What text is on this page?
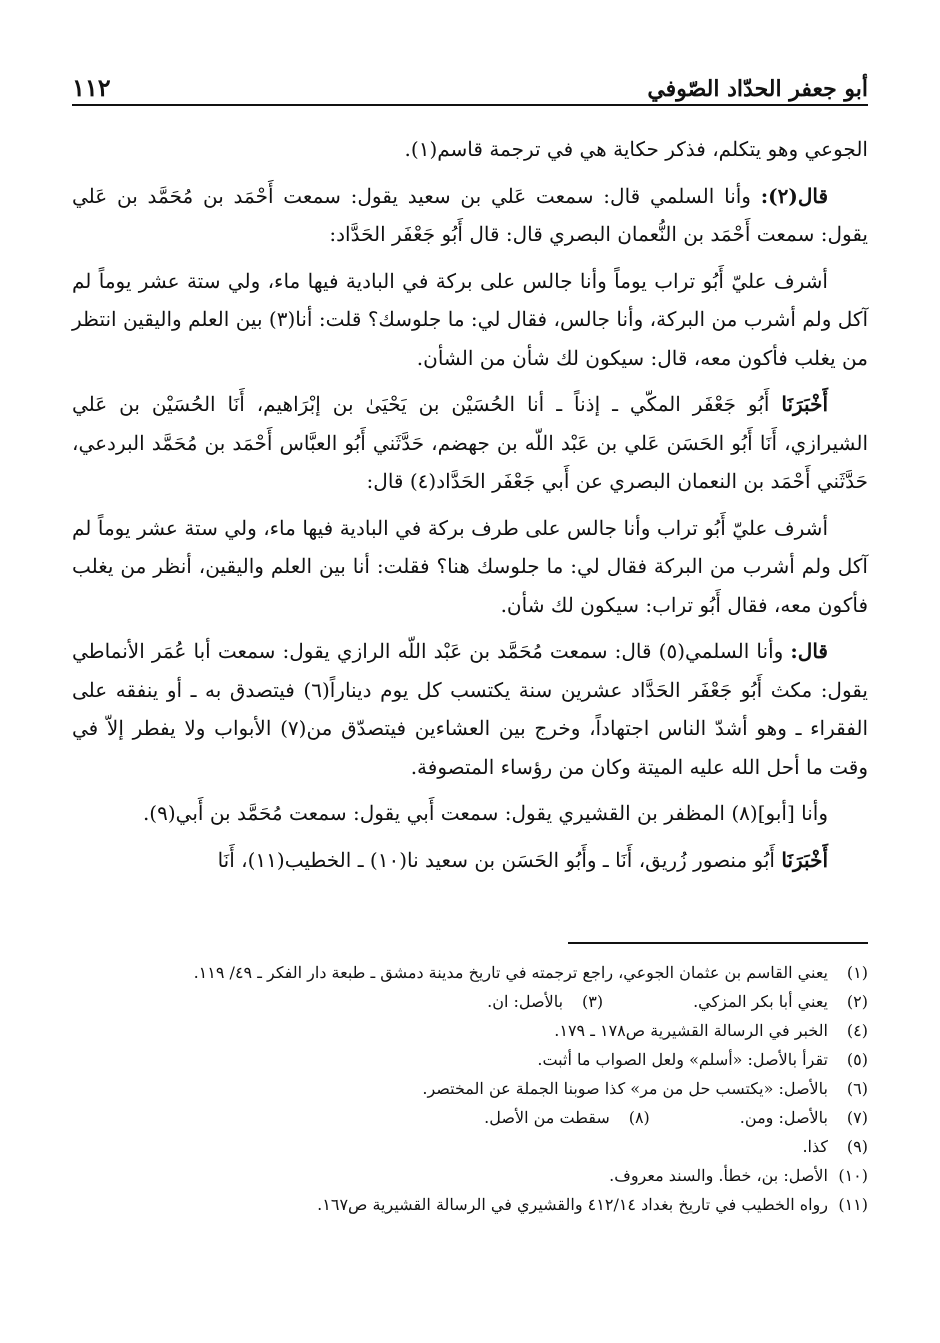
أبو جعفر الحدّاد الصّوفي
١١٢

الجوعي وهو يتكلم، فذكر حكاية هي في ترجمة قاسم(١).

قال(٢): وأنا السلمي قال: سمعت عَلي بن سعيد يقول: سمعت أَحْمَد بن مُحَمَّد بن عَلي يقول: سمعت أَحْمَد بن النُّعمان البصري قال: قال أَبُو جَعْفَر الحَدَّاد:

أشرف عليّ أَبُو تراب يوماً وأنا جالس على بركة في البادية فيها ماء، ولي ستة عشر يوماً لم آكل ولم أشرب من البركة، وأنا جالس، فقال لي: ما جلوسك؟ قلت: أنا(٣) بين العلم واليقين انتظر من يغلب فأكون معه، قال: سيكون لك شأن من الشأن.

أَخْبَرَنَا أَبُو جَعْفَر المكّي ـ إذناً ـ أنا الحُسَيْن بن يَحْيَىٰ بن إبْرَاهيم، أَنَا الحُسَيْن بن عَلي الشيرازي، أَنَا أَبُو الحَسَن عَلي بن عَبْد اللّه بن جهضم، حَدَّثَني أَبُو العبَّاس أَحْمَد بن مُحَمَّد البردعي، حَدَّثَني أَحْمَد بن النعمان البصري عن أَبي جَعْفَر الحَدَّاد(٤) قال:

أشرف عليّ أَبُو تراب وأنا جالس على طرف بركة في البادية فيها ماء، ولي ستة عشر يوماً لم آكل ولم أشرب من البركة فقال لي: ما جلوسك هنا؟ فقلت: أنا بين العلم واليقين، أنظر من يغلب فأكون معه، فقال أَبُو تراب: سيكون لك شأن.

قال: وأنا السلمي(٥) قال: سمعت مُحَمَّد بن عَبْد اللّه الرازي يقول: سمعت أبا عُمَر الأنماطي يقول: مكث أَبُو جَعْفَر الحَدَّاد عشرين سنة يكتسب كل يوم ديناراً(٦) فيتصدق به ـ أو ينفقه على الفقراء ـ وهو أشدّ الناس اجتهاداً، وخرج بين العشاءين فيتصدّق من(٧) الأبواب ولا يفطر إلاّ في وقت ما أحل الله عليه الميتة وكان من رؤساء المتصوفة.

وأنا [أبو](٨) المظفر بن القشيري يقول: سمعت أَبي يقول: سمعت مُحَمَّد بن أَبي(٩).

أَخْبَرَنَا أَبُو منصور زُريق، أَنَا ـ وأَبُو الحَسَن بن سعيد نا(١٠) ـ الخطيب(١١)، أَنَا

(١)
يعني القاسم بن عثمان الجوعي، راجع ترجمته في تاريخ مدينة دمشق ـ طبعة دار الفكر ـ ٤٩/ ١١٩.
(٢)
يعني أبا بكر المزكي.
(٣)
بالأصل: ان.
(٤)
الخبر في الرسالة القشيرية ص١٧٨ ـ ١٧٩.
(٥)
تقرأ بالأصل: «أسلم» ولعل الصواب ما أثبت.
(٦)
بالأصل: «يكتسب حل من مر» كذا صوبنا الجملة عن المختصر.
(٧)
بالأصل: ومن.
(٨)
سقطت من الأصل.
(٩)
كذا.
(١٠)
الأصل: بن، خطأ. والسند معروف.
(١١)
رواه الخطيب في تاريخ بغداد ٤١٢/١٤ والقشيري في الرسالة القشيرية ص١٦٧.
